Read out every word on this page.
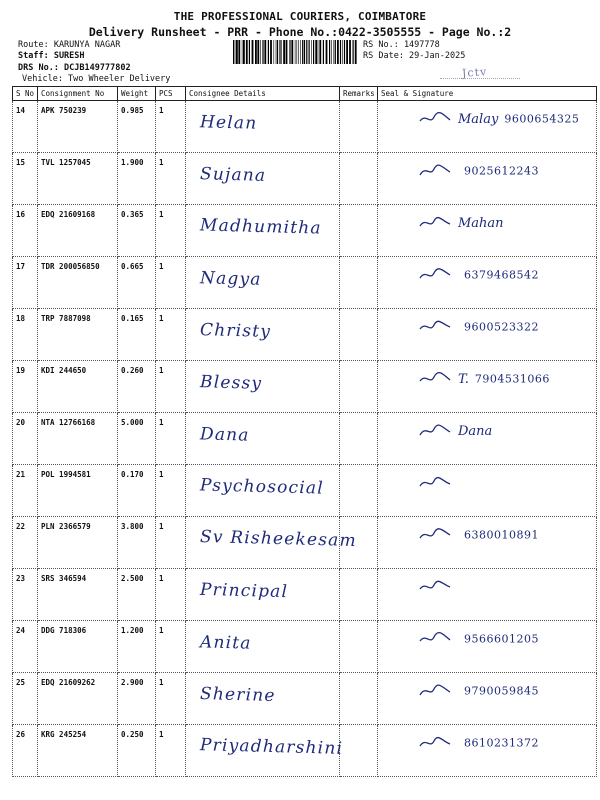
THE PROFESSIONAL COURIERS, COIMBATORE
Delivery Runsheet - PRR - Phone No.:0422-3505555 - Page No.:2
Route: KARUNYA NAGAR
Staff: SURESH
DRS No.: DCJB149777802
Vehicle: Two Wheeler Delivery
RS No.: 1497778
RS Date: 29-Jan-2025
Jctv
S No	Consignment No	Weight	PCS	Consignee Details	Remarks	Seal & Signature
14	APK 750239	0.985	1	Helan		Malay 9600654325

15	TVL 1257045	1.900	1	Sujana		9025612243

16	EDQ 21609168	0.365	1	Madhumitha		Mahan

17	TDR 200056850	0.665	1	Nagya		6379468542

18	TRP 7887098	0.165	1	Christy		9600523322

19	KDI 244650	0.260	1	Blessy		T. 7904531066

20	NTA 12766168	5.000	1	Dana		Dana

21	POL 1994581	0.170	1	Psychosocial

22	PLN 2366579	3.800	1	Sv Risheekesam		6380010891

23	SRS 346594	2.500	1	Principal

24	DDG 718306	1.200	1	Anita		9566601205

25	EDQ 21609262	2.900	1	Sherine		9790059845

26	KRG 245254	0.250	1	Priyadharshini		8610231372
